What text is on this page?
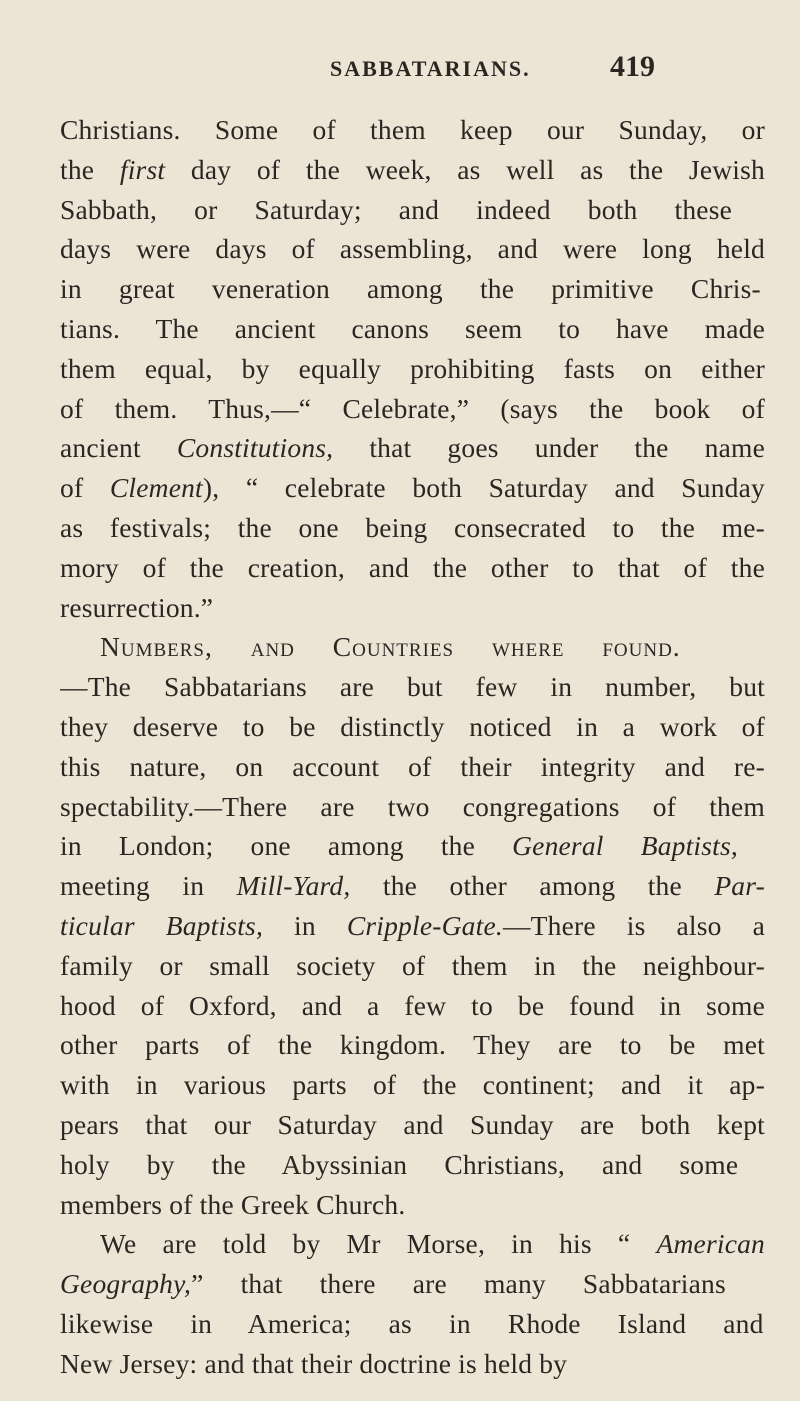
SABBATARIANS.	419
Christians. Some of them keep our Sunday, or
the first day of the week, as well as the Jewish
Sabbath, or Saturday; and indeed both these
days were days of assembling, and were long held
in great veneration among the primitive Chris-
tians. The ancient canons seem to have made
them equal, by equally prohibiting fasts on either
of them. Thus,—“ Celebrate,” (says the book of
ancient Constitutions, that goes under the name
of Clement), “ celebrate both Saturday and Sunday
as festivals; the one being consecrated to the me-
mory of the creation, and the other to that of the
resurrection.”
Numbers, and Countries where found.
—The Sabbatarians are but few in number, but
they deserve to be distinctly noticed in a work of
this nature, on account of their integrity and re-
spectability.—There are two congregations of them
in London; one among the General Baptists,
meeting in Mill-Yard, the other among the Par-
ticular Baptists, in Cripple-Gate.—There is also a
family or small society of them in the neighbour-
hood of Oxford, and a few to be found in some
other parts of the kingdom. They are to be met
with in various parts of the continent; and it ap-
pears that our Saturday and Sunday are both kept
holy by the Abyssinian Christians, and some
members of the Greek Church.
We are told by Mr Morse, in his “ American
Geography,” that there are many Sabbatarians
likewise in America; as in Rhode Island and
New Jersey: and that their doctrine is held by
